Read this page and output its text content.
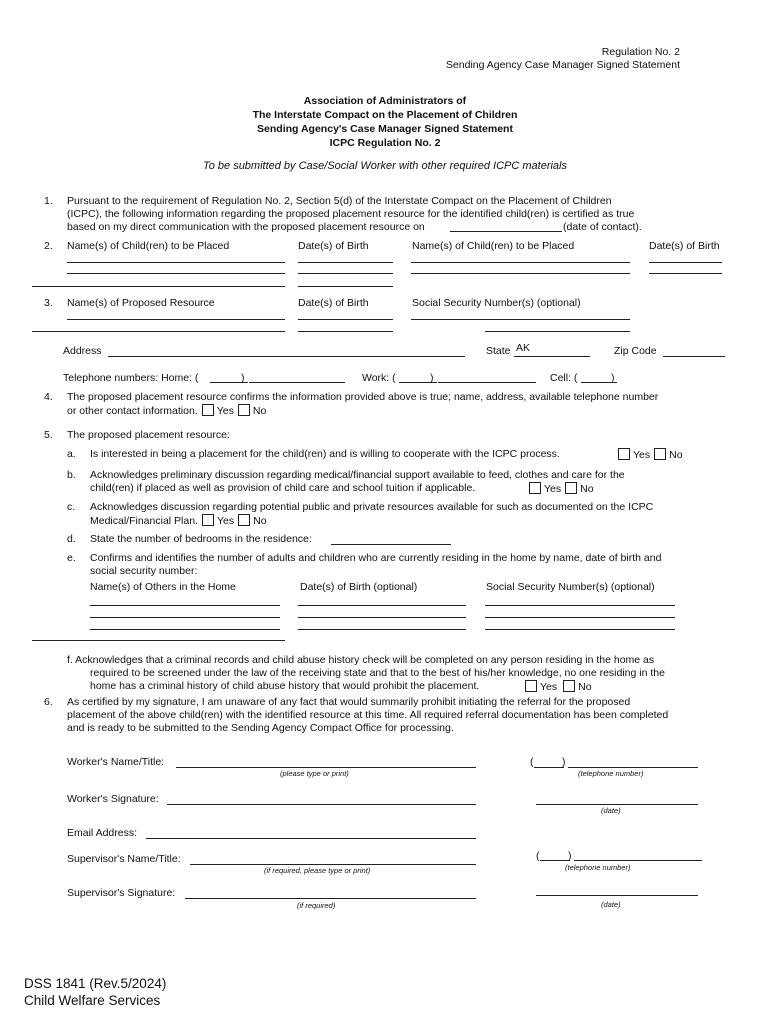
Regulation No. 2
Sending Agency Case Manager Signed Statement
Association of Administrators of
The Interstate Compact on the Placement of Children
Sending Agency's Case Manager Signed Statement
ICPC Regulation No. 2
To be submitted by Case/Social Worker with other required ICPC materials
1. Pursuant to the requirement of Regulation No. 2, Section 5(d) of the Interstate Compact on the Placement of Children
(ICPC), the following information regarding the proposed placement resource for the identified child(ren) is certified as true
based on my direct communication with the proposed placement resource on	(date of contact).
2. Name(s) of Child(ren) to be Placed	Date(s) of Birth	Name(s) of Child(ren) to be Placed	Date(s) of Birth
3. Name(s) of Proposed Resource	Date(s) of Birth	Social Security Number(s) (optional)
Address	State AK	Zip Code
Telephone numbers: Home: (	)	Work: (	)	Cell: (	)
4. The proposed placement resource confirms the information provided above is true; name, address, available telephone number
or other contact information. Yes No
5. The proposed placement resource:
a. Is interested in being a placement for the child(ren) and is willing to cooperate with the ICPC process.	Yes No
b. Acknowledges preliminary discussion regarding medical/financial support available to feed, clothes and care for the
child(ren) if placed as well as provision of child care and school tuition if applicable.	Yes No
c. Acknowledges discussion regarding potential public and private resources available for such as documented on the ICPC
Medical/Financial Plan. Yes No
d. State the number of bedrooms in the residence:
e. Confirms and identifies the number of adults and children who are currently residing in the home by name, date of birth and
social security number:
Name(s) of Others in the Home	Date(s) of Birth (optional)	Social Security Number(s) (optional)
f. Acknowledges that a criminal records and child abuse history check will be completed on any person residing in the home as
required to be screened under the law of the receiving state and that to the best of his/her knowledge, no one residing in the
home has a criminal history of child abuse history that would prohibit the placement.	Yes No
6. As certified by my signature, I am unaware of any fact that would summarily prohibit initiating the referral for the proposed
placement of the above child(ren) with the identified resource at this time. All required referral documentation has been completed
and is ready to be submitted to the Sending Agency Compact Office for processing.
Worker's Name/Title:
(please type or print)
(	)
(telephone number)
Worker's Signature:
(date)
Email Address:
Supervisor's Name/Title:
(if required, please type or print)
(	)
(telephone number)
Supervisor's Signature:
(if required)	(date)
DSS 1841 (Rev.5/2024)
Child Welfare Services
